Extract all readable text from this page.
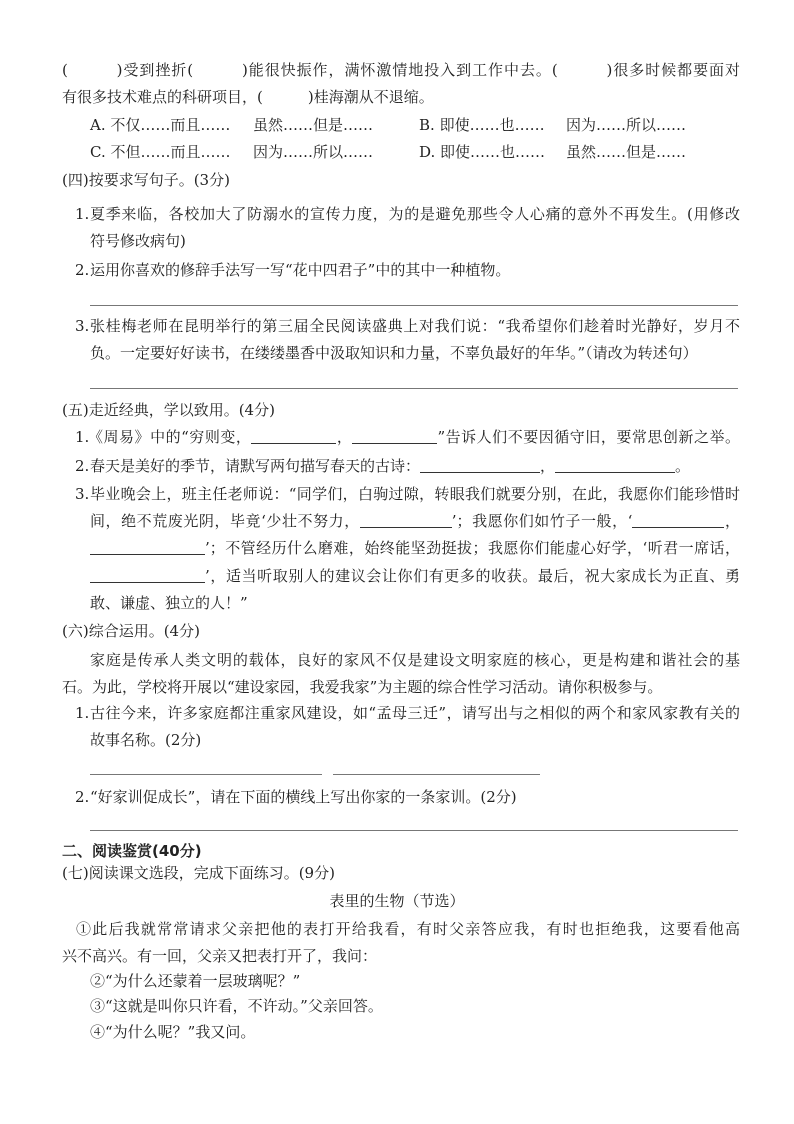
(　　　)受到挫折(　　　)能很快振作，满怀激情地投入到工作中去。(　　　)很多时候都要面对
有很多技术难点的科研项目，(　　　)桂海潮从不退缩。
A. 不仅……而且…… 虽然……但是……	B. 即使……也…… 因为……所以……
C. 不但……而且…… 因为……所以……	D. 即使……也…… 虽然……但是……
(四)按要求写句子。(3分)
1. 夏季来临，各校加大了防溺水的宣传力度，为的是避免那些令人心痛的意外不再发生。(用修改
符号修改病句)
2. 运用你喜欢的修辞手法写一写“花中四君子”中的其中一种植物。
3. 张桂梅老师在昆明举行的第三届全民阅读盛典上对我们说：“我希望你们趁着时光静好，岁月不
负。一定要好好读书，在缕缕墨香中汲取知识和力量，不辜负最好的年华。”（请改为转述句）
(五)走近经典，学以致用。(4分)
1.
《周易》中的“穷则变，	，	”告诉人们不要因循守旧，要常思创新之举。
2. 春天是美好的季节，请默写两句描写春天的古诗：	，	。
3. 毕业晚会上，班主任老师说：“同学们，白驹过隙，转眼我们就要分别，在此，我愿你们能珍惜时
间，绝不荒废光阴，毕竟‘少壮不努力，	’；我愿你们如竹子一般，‘	，
’；不管经历什么磨难，始终能坚劲挺拔；我愿你们能虚心好学，‘听君一席话，
’，适当听取别人的建议会让你们有更多的收获。最后，祝大家成长为正直、勇
敢、谦虚、独立的人！”
(六)综合运用。(4分)
家庭是传承人类文明的载体，良好的家风不仅是建设文明家庭的核心，更是构建和谐社会的基
石。为此，学校将开展以“建设家园，我爱我家”为主题的综合性学习活动。请你积极参与。
1. 古往今来，许多家庭都注重家风建设，如“孟母三迁”，请写出与之相似的两个和家风家教有关的
故事名称。(2分)
2. “好家训促成长”，请在下面的横线上写出你家的一条家训。(2分)
二、阅读鉴赏(40分)
(七)阅读课文选段，完成下面练习。(9分)
表里的生物（节选）
①此后我就常常请求父亲把他的表打开给我看，有时父亲答应我，有时也拒绝我，这要看他高
兴不高兴。有一回，父亲又把表打开了，我问：
②“为什么还蒙着一层玻璃呢？”
③“这就是叫你只许看，不许动。”父亲回答。
④“为什么呢？”我又问。
